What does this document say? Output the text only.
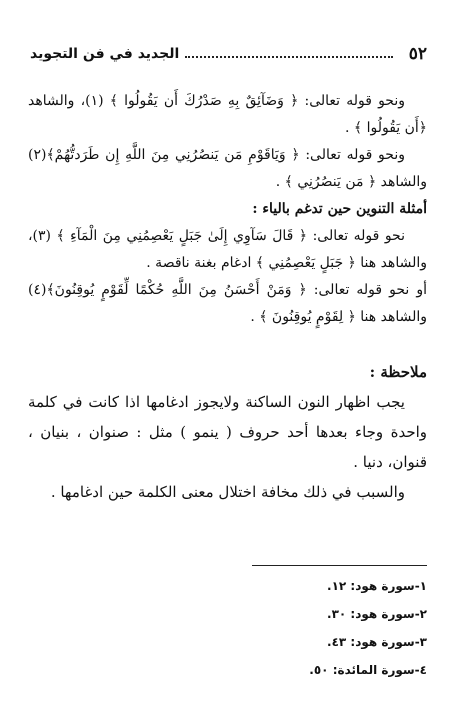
٥٢
الجديد في فن التجويد

ونحو قوله تعالى: ﴿ وَضَآئِقٌ بِهِ صَدْرُكَ أَن يَقُولُوا ﴾ (١)، والشاهد ﴿أَن يَقُولُوا ﴾ .

ونحو قوله تعالى: ﴿ وَيَاقَوْمِ مَن يَنصُرُنِي مِنَ اللَّهِ إِن طَرَدتُّهُمْ﴾(٢) والشاهد ﴿ مَن يَنصُرُنِي ﴾ .

أمثلة التنوين حين تدغم بالياء :

نحو قوله تعالى: ﴿ قَالَ سَآوِي إِلَىٰ جَبَلٍ يَعْصِمُنِي مِنَ الْمَآءِ ﴾ (٣)، والشاهد هنا ﴿ جَبَلٍ يَعْصِمُنِي ﴾ ادغام بغنة ناقصة .

أو نحو قوله تعالى: ﴿ وَمَنْ أَحْسَنُ مِنَ اللَّهِ حُكْمًا لِّقَوْمٍ يُوقِنُونَ﴾(٤) والشاهد هنا ﴿ لِقَوْمٍ يُوقِنُونَ ﴾ .

ملاحظة :

يجب اظهار النون الساكنة ولايجوز ادغامها اذا كانت في كلمة واحدة وجاء بعدها أحد حروف ( ينمو ) مثل : صنوان ، بنيان ، قنوان، دنيا .

والسبب في ذلك مخافة اختلال معنى الكلمة حين ادغامها .

١-سورة هود: ١٢.
٢-سورة هود: ٣٠.
٣-سورة هود: ٤٣.
٤-سورة المائدة: ٥٠.
